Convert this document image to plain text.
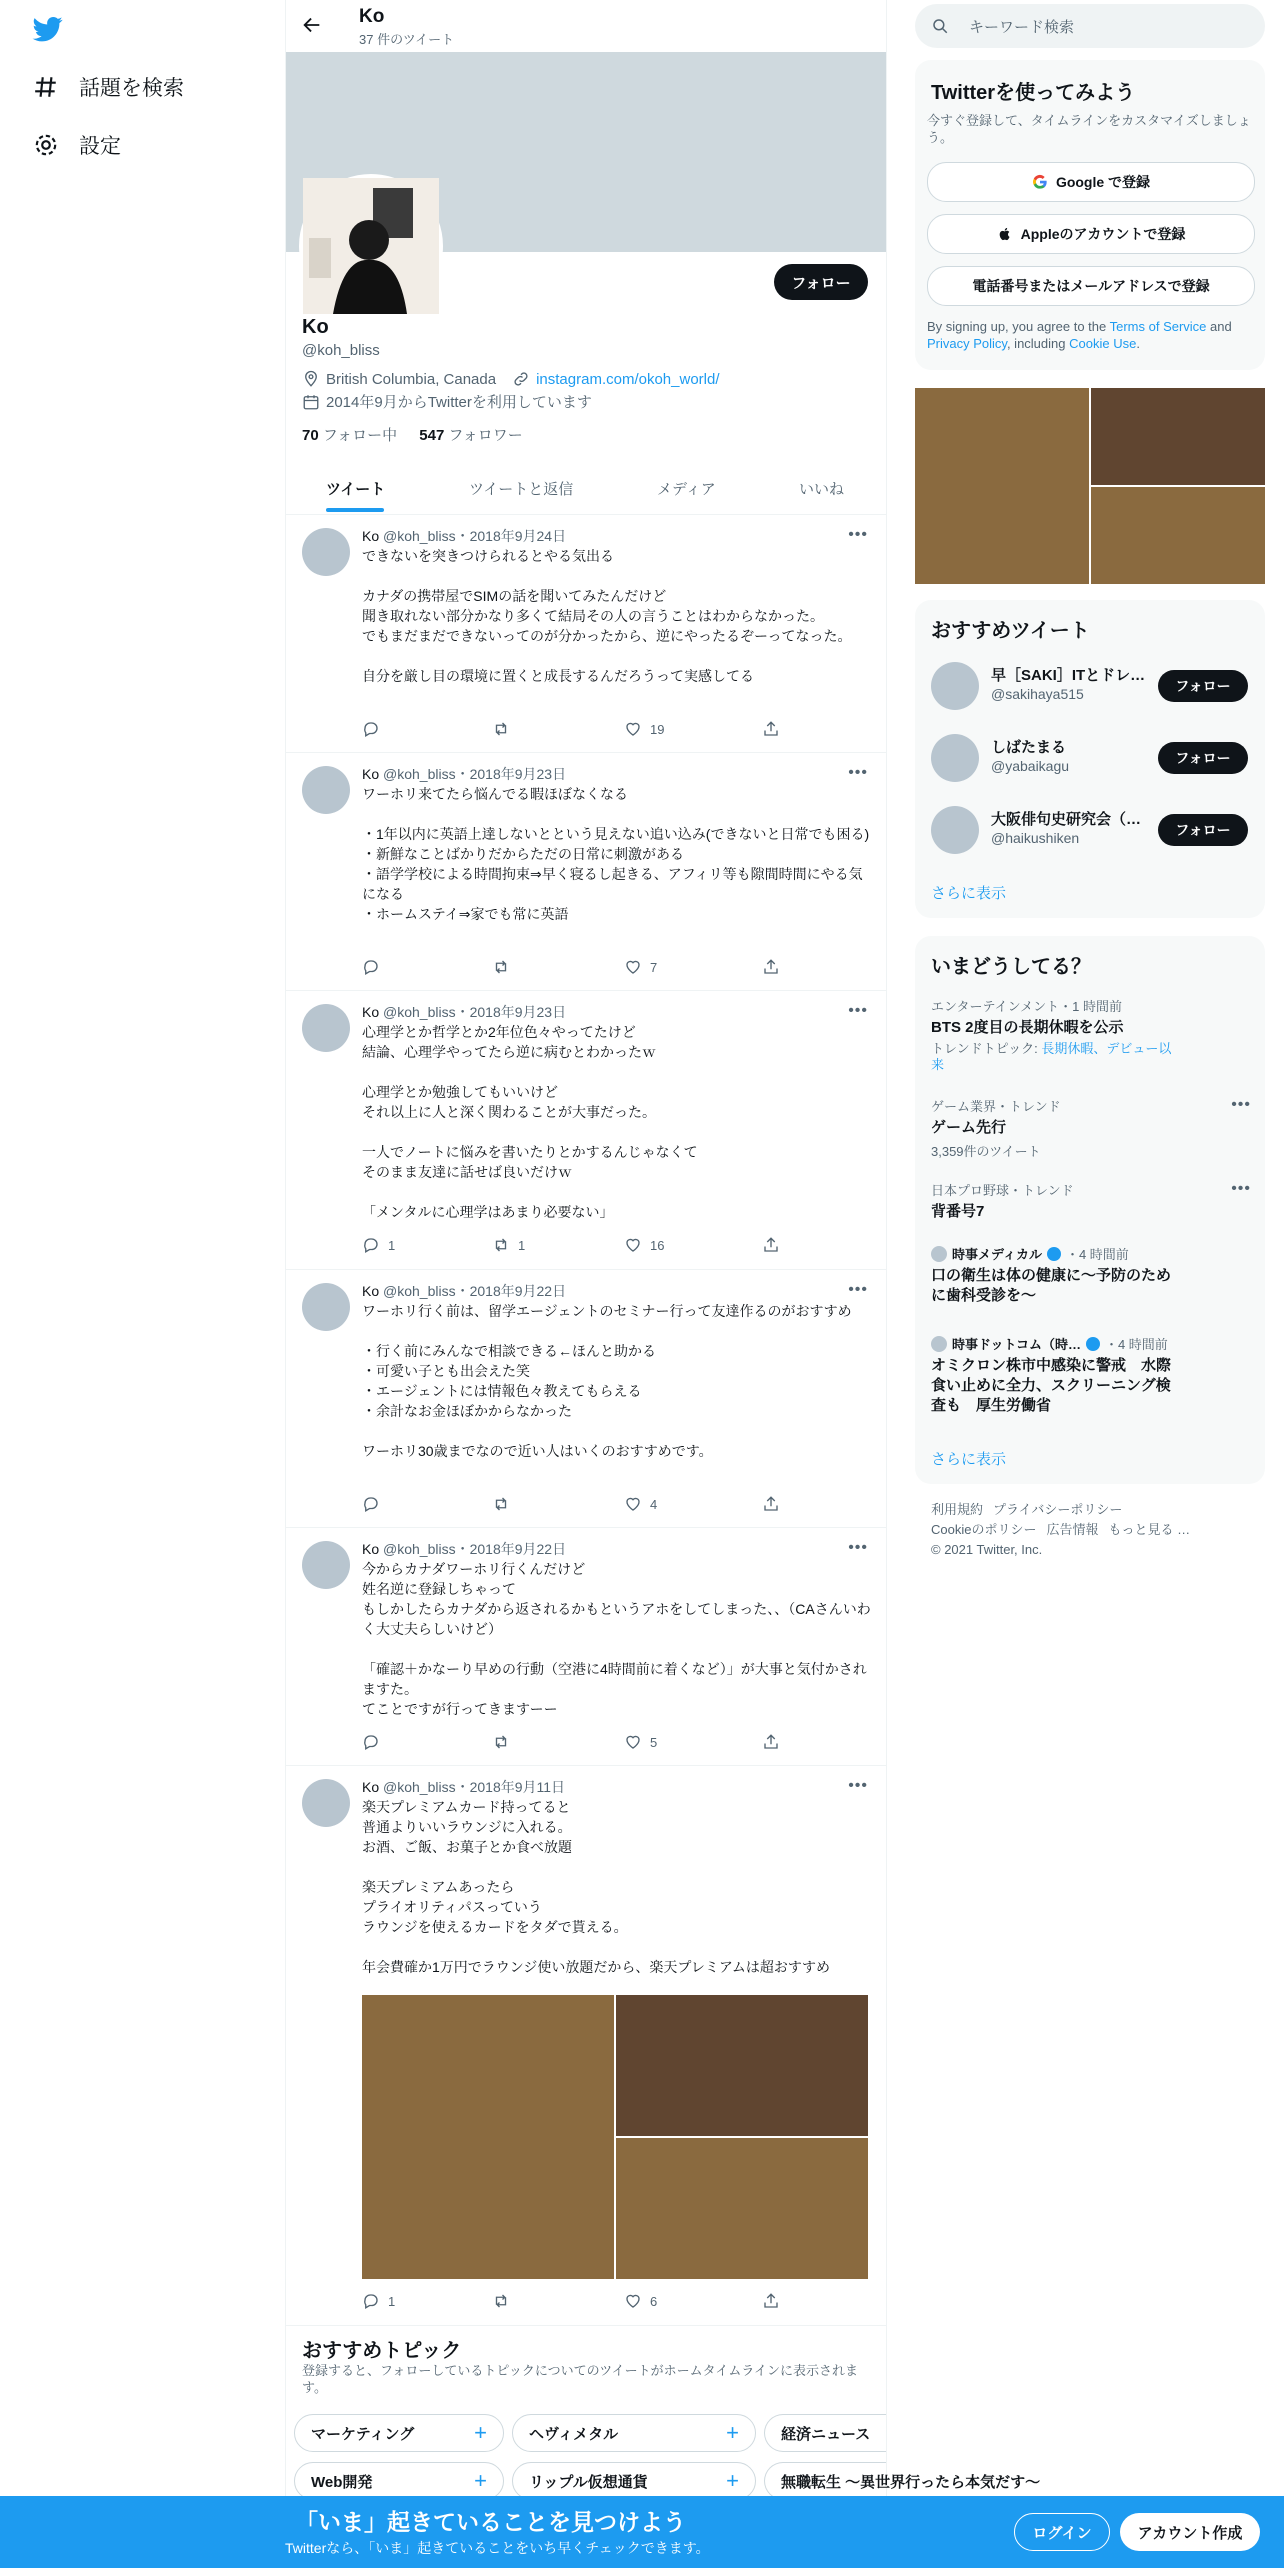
話題を検索
設定
Ko
37 件のツイート
フォロー
Ko
@koh_bliss
British Columbia, Canada	instagram.com/okoh_world/
2014年9月からTwitterを利用しています
70 フォロー中 547 フォロワー
ツイート	ツイートと返信	メディア	いいね
Ko @koh_bliss・2018年9月24日	•••
できないを突きつけられるとやる気出る

カナダの携帯屋でSIMの話を聞いてみたんだけど
聞き取れない部分かなり多くて結局その人の言うことはわからなかった。
でもまだまだできないってのが分かったから、逆にやったるぞーってなった。

自分を厳し目の環境に置くと成長するんだろうって実感してる
19
Ko @koh_bliss・2018年9月23日	•••
ワーホリ来てたら悩んでる暇ほぼなくなる

・1年以内に英語上達しないとという見えない追い込み(できないと日常でも困る)
・新鮮なことばかりだからただの日常に刺激がある
・語学学校による時間拘束⇒早く寝るし起きる、アフィリ等も隙間時間にやる気になる
・ホームステイ⇒家でも常に英語
7
Ko @koh_bliss・2018年9月23日	•••
心理学とか哲学とか2年位色々やってたけど
結論、心理学やってたら逆に病むとわかったｗ

心理学とか勉強してもいいけど
それ以上に人と深く関わることが大事だった。

一人でノートに悩みを書いたりとかするんじゃなくて
そのまま友達に話せば良いだけｗ

「メンタルに心理学はあまり必要ない」
1	1	16
Ko @koh_bliss・2018年9月22日	•••
ワーホリ行く前は、留学エージェントのセミナー行って友達作るのがおすすめ

・行く前にみんなで相談できる←ほんと助かる
・可愛い子とも出会えた笑
・エージェントには情報色々教えてもらえる
・余計なお金ほぼかからなかった

ワーホリ30歳までなので近い人はいくのおすすめです。
4
Ko @koh_bliss・2018年9月22日	•••
今からカナダワーホリ行くんだけど
姓名逆に登録しちゃって
もしかしたらカナダから返されるかもというアホをしてしまった、、（CAさんいわく大丈夫らしいけど）

「確認＋かなーり早めの行動（空港に4時間前に着くなど）」が大事と気付かされますた。
てことですが行ってきますーー
5
Ko @koh_bliss・2018年9月11日	•••
楽天プレミアムカード持ってると
普通よりいいラウンジに入れる。
お酒、ご飯、お菓子とか食べ放題

楽天プレミアムあったら
プライオリティパスっていう
ラウンジを使えるカードをタダで貰える。

年会費確か1万円でラウンジ使い放題だから、楽天プレミアムは超おすすめ
1	6
おすすめトピック
登録すると、フォローしているトピックについてのツイートがホームタイムラインに表示されます。
マーケティング	+	ヘヴィメタル	+	経済ニュース
Web開発	+	リップル仮想通貨	+	無職転生 ～異世界行ったら本気だす～
キーワード検索
Twitterを使ってみよう
今すぐ登録して、タイムラインをカスタマイズしましょう。
Google で登録
Appleのアカウントで登録
電話番号またはメールアドレスで登録
By signing up, you agree to the Terms of Service and Privacy Policy, including Cookie Use.
おすすめツイート
早［SAKI］ITとドレ…
@sakihaya515	フォロー
しばたまる
@yabaikagu	フォロー
大阪俳句史研究会（…
@haikushiken	フォロー
さらに表示
いまどうしてる？
エンターテインメント・1 時間前
BTS 2度目の長期休暇を公示
トレンドトピック: 長期休暇、デビュー以来
ゲーム業界・トレンド
ゲーム先行
3,359件のツイート
•••
日本プロ野球・トレンド
背番号7
•••
時事メディカル ・4 時間前
口の衛生は体の健康に～予防のために歯科受診を～
時事ドットコム（時… ・4 時間前
オミクロン株市中感染に警戒　水際食い止めに全力、スクリーニング検査も　厚生労働省
さらに表示
利用規約 プライバシーポリシー
Cookieのポリシー 広告情報 もっと見る …
© 2021 Twitter, Inc.
「いま」起きていることを見つけよう
Twitterなら、「いま」起きていることをいち早くチェックできます。
ログイン	アカウント作成
